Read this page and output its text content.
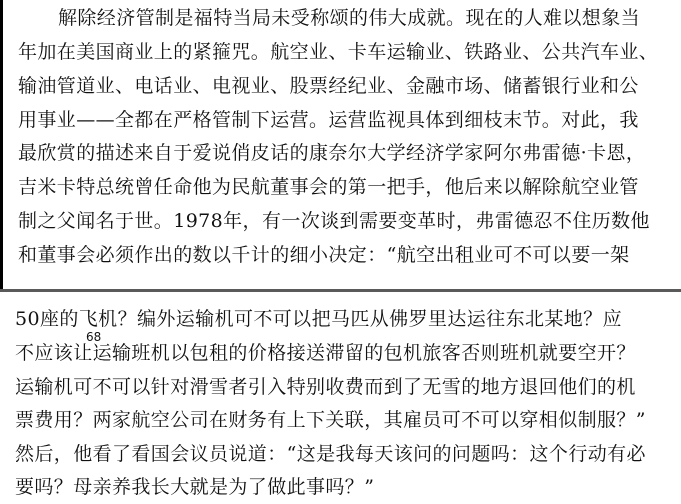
解除经济管制是福特当局未受称颂的伟大成就。现在的人难以想象当
年加在美国商业上的紧箍咒。航空业、卡车运输业、铁路业、公共汽车业、
输油管道业、电话业、电视业、股票经纪业、金融市场、储蓄银行业和公
用事业——全都在严格管制下运营。运营监视具体到细枝末节。对此，我
最欣赏的描述来自于爱说俏皮话的康奈尔大学经济学家阿尔弗雷德·卡恩，
吉米卡特总统曾任命他为民航董事会的第一把手，他后来以解除航空业管
制之父闻名于世。1978年，有一次谈到需要变革时，弗雷德忍不住历数他
和董事会必须作出的数以千计的细小决定：“航空出租业可不可以要一架
50座的飞机？编外运输机可不可以把马匹从佛罗里达运往东北某地？应
不应该让运输班机以包租的价格接送滞留的包机旅客否则班机就要空开？
运输机可不可以针对滑雪者引入特别收费而到了无雪的地方退回他们的机
票费用？两家航空公司在财务有上下关联，其雇员可不可以穿相似制服？”
然后，他看了看国会议员说道：“这是我每天该问的问题吗：这个行动有必
要吗？母亲养我长大就是为了做此事吗？”
68
